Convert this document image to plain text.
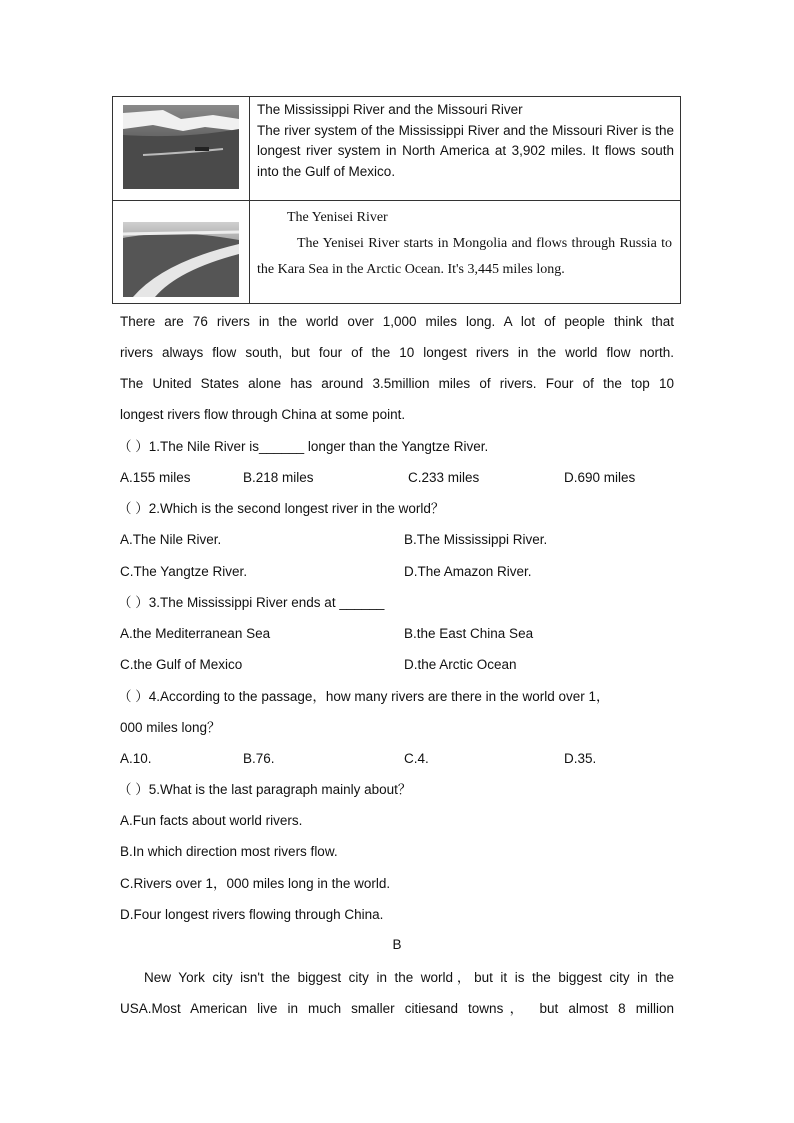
The Mississippi River and the Missouri River
The river system of the Mississippi River and the Missouri River is the longest river system in North America at 3,902 miles. It flows south into the Gulf of Mexico.

The Yenisei River
The Yenisei River starts in Mongolia and flows through Russia to the Kara Sea in the Arctic Ocean. It's 3,445 miles long.
There are 76 rivers in the world over 1,000 miles long. A lot of people think that
rivers always flow south, but four of the 10 longest rivers in the world flow north.
The United States alone has around 3.5million miles of rivers. Four of the top 10
longest rivers flow through China at some point.
（ ）1.The Nile River is______ longer than the Yangtze River.
A.155 miles	B.218 miles	C.233 miles	D.690 miles
（ ）2.Which is the second longest river in the world？
A.The Nile River.	B.The Mississippi River.
C.The Yangtze River.	D.The Amazon River.
（ ）3.The Mississippi River ends at ______
A.the Mediterranean Sea	B.the East China Sea
C.the Gulf of Mexico	D.the Arctic Ocean
（ ）4.According to the passage，how many rivers are there in the world over 1，
000 miles long？
A.10.	B.76.	C.4.	D.35.
（ ）5.What is the last paragraph mainly about？
A.Fun facts about world rivers.
B.In which direction most rivers flow.
C.Rivers over 1，000 miles long in the world.
D.Four longest rivers flowing through China.
B
New York city isn't the biggest city in the world，but it is the biggest city in the
USA.Most American live in much smaller citiesand towns， but almost 8 million
